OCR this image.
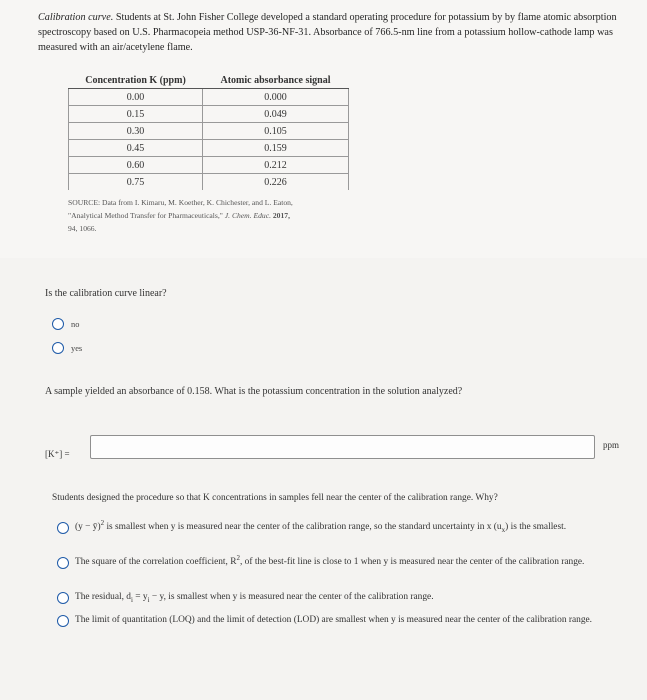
Calibration curve. Students at St. John Fisher College developed a standard operating procedure for potassium by by flame atomic absorption spectroscopy based on U.S. Pharmacopeia method USP-36-NF-31. Absorbance of 766.5-nm line from a potassium hollow-cathode lamp was measured with an air/acetylene flame.
Concentration K (ppm)	Atomic absorbance signal
0.00	0.000
0.15	0.049
0.30	0.105
0.45	0.159
0.60	0.212
0.75	0.226
SOURCE: Data from I. Kimaru, M. Koether, K. Chichester, and L. Eaton,
"Analytical Method Transfer for Pharmaceuticals," J. Chem. Educ. 2017,
94, 1066.
Is the calibration curve linear?
no
yes
A sample yielded an absorbance of 0.158. What is the potassium concentration in the solution analyzed?
[K⁺] =
ppm
Students designed the procedure so that K concentrations in samples fell near the center of the calibration range. Why?
(y − ȳ)$^2$ is smallest when y is measured near the center of the calibration range, so the standard uncertainty in x $(u_x)$ is the smallest.
The square of the correlation coefficient, $R^2$, of the best-fit line is close to 1 when y is measured near the center of the calibration range.
The residual, $d_i = y_i - y$, is smallest when y is measured near the center of the calibration range.
The limit of quantitation (LOQ) and the limit of detection (LOD) are smallest when y is measured near the center of the calibration range.
